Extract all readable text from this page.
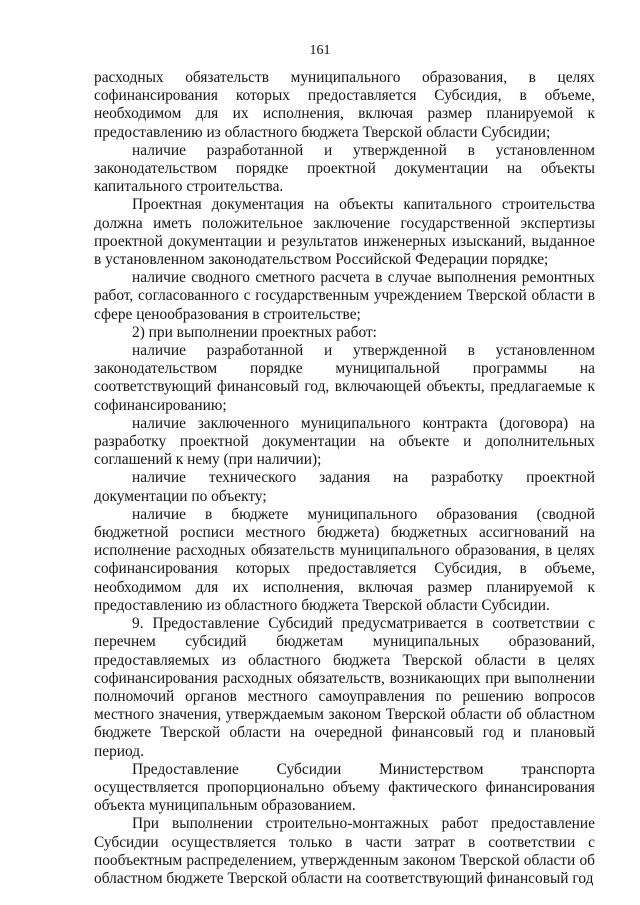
161

расходных обязательств муниципального образования, в целях софинансирования которых предоставляется Субсидия, в объеме, необходимом для их исполнения, включая размер планируемой к предоставлению из областного бюджета Тверской области Субсидии;

наличие разработанной и утвержденной в установленном законодательством порядке проектной документации на объекты капитального строительства.

Проектная документация на объекты капитального строительства должна иметь положительное заключение государственной экспертизы проектной документации и результатов инженерных изысканий, выданное в установленном законодательством Российской Федерации порядке;

наличие сводного сметного расчета в случае выполнения ремонтных работ, согласованного с государственным учреждением Тверской области в сфере ценообразования в строительстве;

2) при выполнении проектных работ:

наличие разработанной и утвержденной в установленном законодательством порядке муниципальной программы на соответствующий финансовый год, включающей объекты, предлагаемые к софинансированию;

наличие заключенного муниципального контракта (договора) на разработку проектной документации на объекте и дополнительных соглашений к нему (при наличии);

наличие технического задания на разработку проектной документации по объекту;

наличие в бюджете муниципального образования (сводной бюджетной росписи местного бюджета) бюджетных ассигнований на исполнение расходных обязательств муниципального образования, в целях софинансирования которых предоставляется Субсидия, в объеме, необходимом для их исполнения, включая размер планируемой к предоставлению из областного бюджета Тверской области Субсидии.

9. Предоставление Субсидий предусматривается в соответствии с перечнем субсидий бюджетам муниципальных образований, предоставляемых из областного бюджета Тверской области в целях софинансирования расходных обязательств, возникающих при выполнении полномочий органов местного самоуправления по решению вопросов местного значения, утверждаемым законом Тверской области об областном бюджете Тверской области на очередной финансовый год и плановый период.

Предоставление Субсидии Министерством транспорта осуществляется пропорционально объему фактического финансирования объекта муниципальным образованием.

При выполнении строительно-монтажных работ предоставление Субсидии осуществляется только в части затрат в соответствии с пообъектным распределением, утвержденным законом Тверской области об областном бюджете Тверской области на соответствующий финансовый год
